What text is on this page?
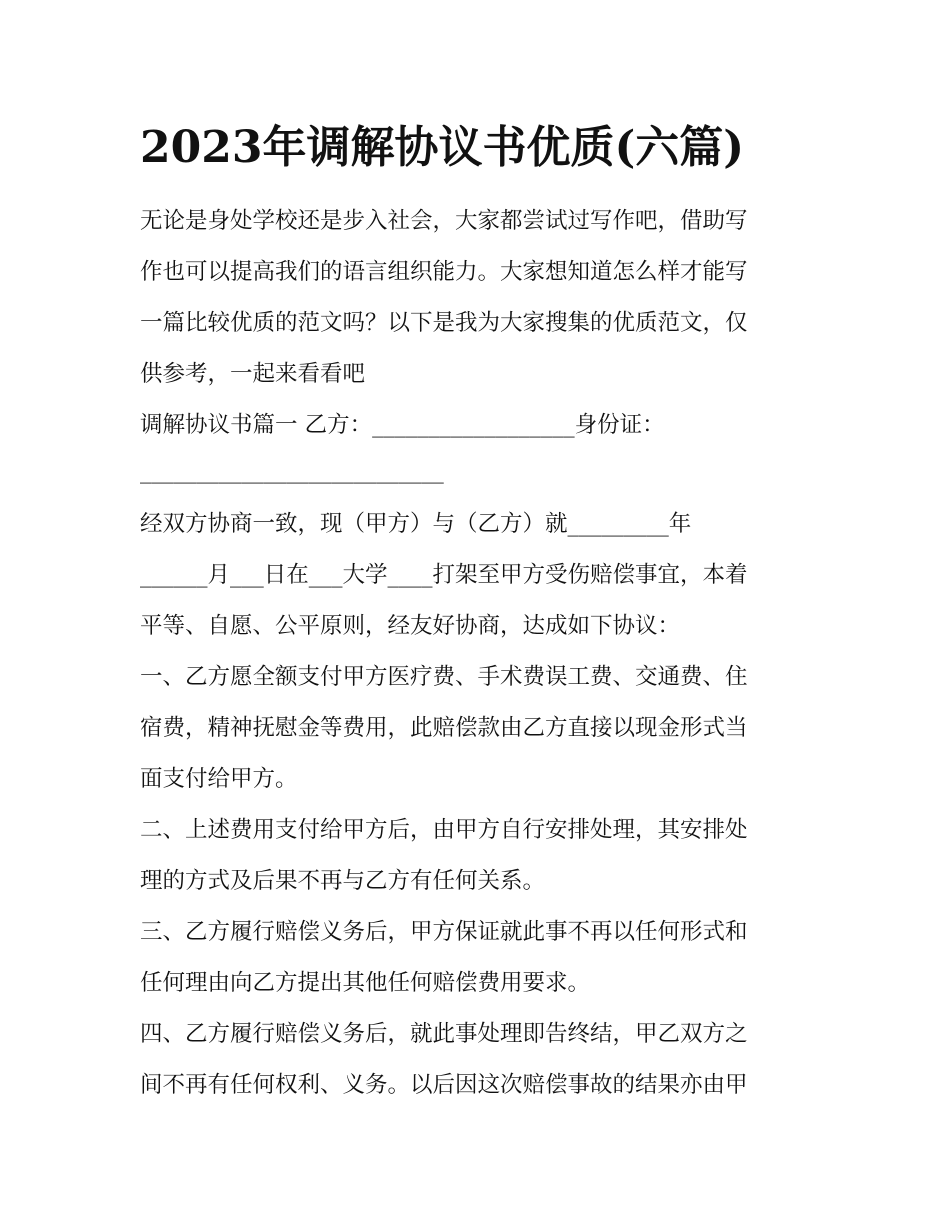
2023年调解协议书优质(六篇)
无论是身处学校还是步入社会，大家都尝试过写作吧，借助写
作也可以提高我们的语言组织能力。大家想知道怎么样才能写
一篇比较优质的范文吗？以下是我为大家搜集的优质范文，仅
供参考，一起来看看吧
调解协议书篇一 乙方：__________________身份证：
___________________________
经双方协商一致，现（甲方）与（乙方）就_________年
______月___日在___大学____打架至甲方受伤赔偿事宜，本着
平等、自愿、公平原则，经友好协商，达成如下协议：
一、乙方愿全额支付甲方医疗费、手术费误工费、交通费、住
宿费，精神抚慰金等费用，此赔偿款由乙方直接以现金形式当
面支付给甲方。
二、上述费用支付给甲方后，由甲方自行安排处理，其安排处
理的方式及后果不再与乙方有任何关系。
三、乙方履行赔偿义务后，甲方保证就此事不再以任何形式和
任何理由向乙方提出其他任何赔偿费用要求。
四、乙方履行赔偿义务后，就此事处理即告终结，甲乙双方之
间不再有任何权利、义务。以后因这次赔偿事故的结果亦由甲
